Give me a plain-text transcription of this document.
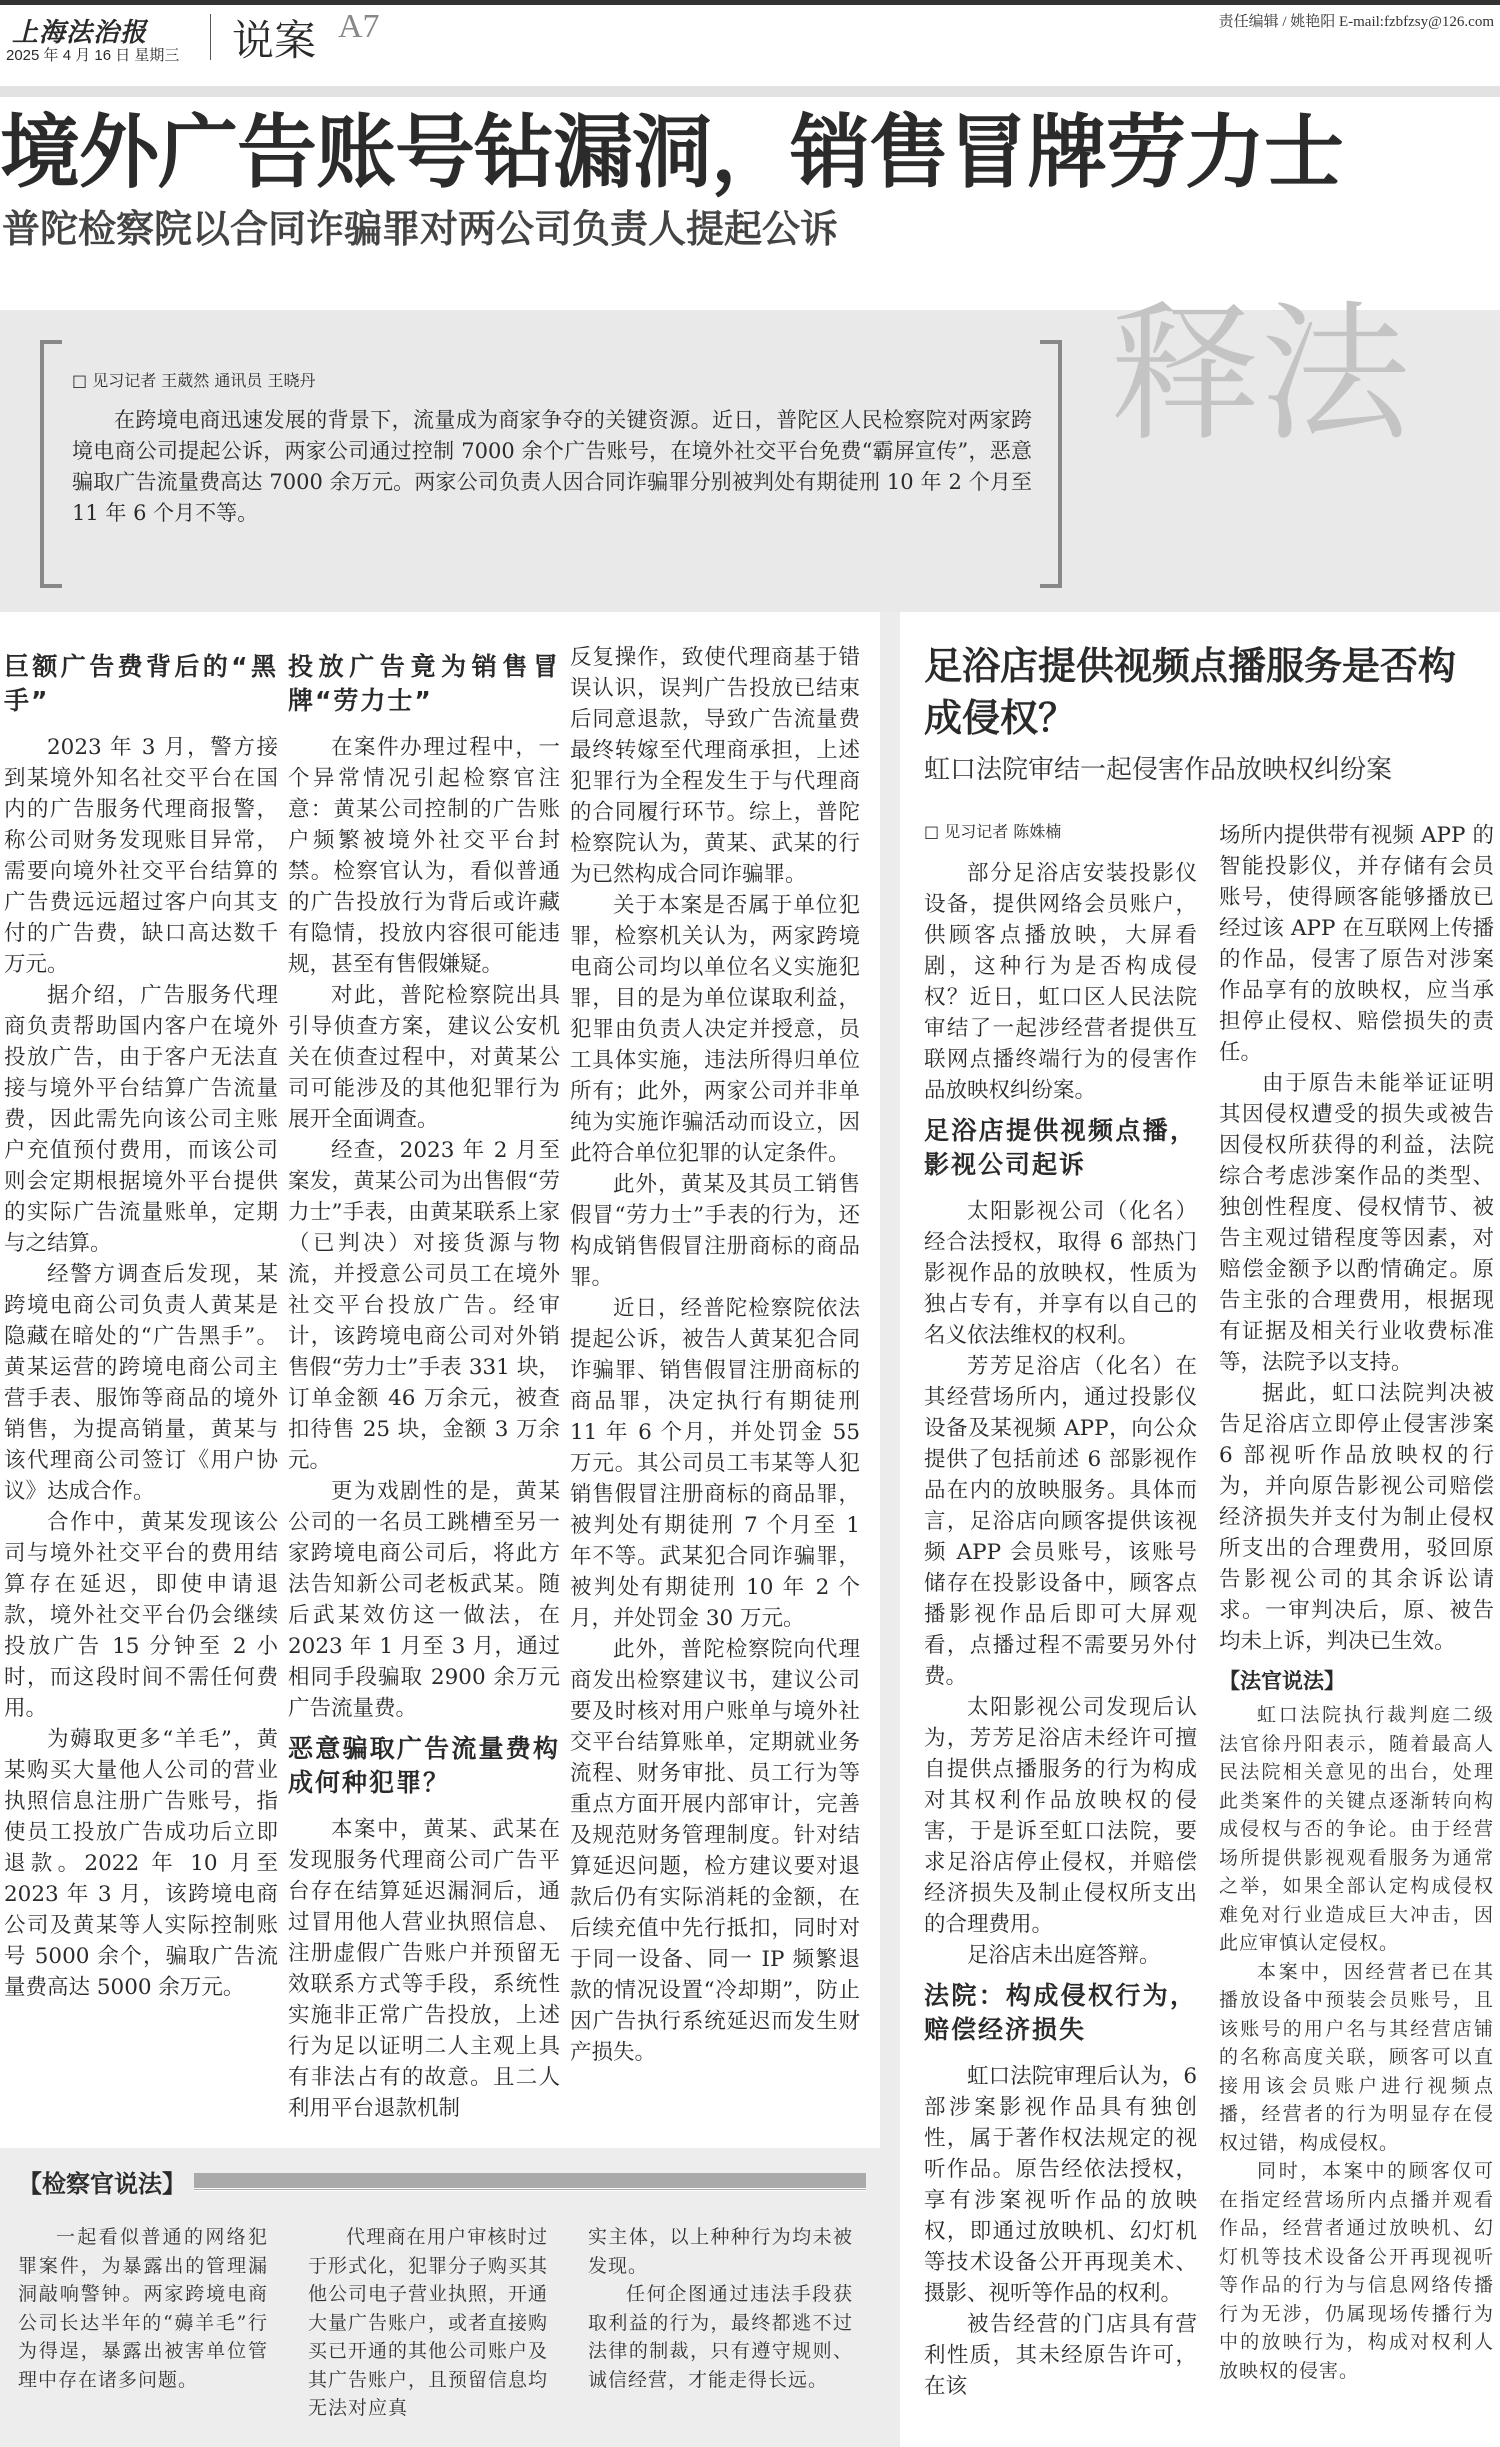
上海法治报
2025 年 4 月 16 日 星期三 说案 A7	责任编辑 / 姚艳阳 E-mail:fzbfzsy@126.com
境外广告账号钻漏洞，销售冒牌劳力士
普陀检察院以合同诈骗罪对两公司负责人提起公诉
释法
□ 见习记者 王葳然 通讯员 王晓丹

在跨境电商迅速发展的背景下，流量成为商家争夺的关键资源。近日，普陀区人民检察院对两家跨境电商公司提起公诉，两家公司通过控制 7000 余个广告账号，在境外社交平台免费“霸屏宣传”，恶意骗取广告流量费高达 7000 余万元。两家公司负责人因合同诈骗罪分别被判处有期徒刑 10 年 2 个月至 11 年 6 个月不等。

巨额广告费背后的“黑手”

2023 年 3 月，警方接到某境外知名社交平台在国内的广告服务代理商报警，称公司财务发现账目异常，需要向境外社交平台结算的广告费远远超过客户向其支付的广告费，缺口高达数千万元。

据介绍，广告服务代理商负责帮助国内客户在境外投放广告，由于客户无法直接与境外平台结算广告流量费，因此需先向该公司主账户充值预付费用，而该公司则会定期根据境外平台提供的实际广告流量账单，定期与之结算。

经警方调查后发现，某跨境电商公司负责人黄某是隐藏在暗处的“广告黑手”。黄某运营的跨境电商公司主营手表、服饰等商品的境外销售，为提高销量，黄某与该代理商公司签订《用户协议》达成合作。

合作中，黄某发现该公司与境外社交平台的费用结算存在延迟，即使申请退款，境外社交平台仍会继续投放广告 15 分钟至 2 小时，而这段时间不需任何费用。

为薅取更多“羊毛”，黄某购买大量他人公司的营业执照信息注册广告账号，指使员工投放广告成功后立即退款。2022 年 10 月至 2023 年 3 月，该跨境电商公司及黄某等人实际控制账号 5000 余个，骗取广告流量费高达 5000 余万元。

投放广告竟为销售冒牌“劳力士”

在案件办理过程中，一个异常情况引起检察官注意：黄某公司控制的广告账户频繁被境外社交平台封禁。检察官认为，看似普通的广告投放行为背后或许藏有隐情，投放内容很可能违规，甚至有售假嫌疑。

对此，普陀检察院出具引导侦查方案，建议公安机关在侦查过程中，对黄某公司可能涉及的其他犯罪行为展开全面调查。

经查，2023 年 2 月至案发，黄某公司为出售假“劳力士”手表，由黄某联系上家（已判决）对接货源与物流，并授意公司员工在境外社交平台投放广告。经审计，该跨境电商公司对外销售假“劳力士”手表 331 块，订单金额 46 万余元，被查扣待售 25 块，金额 3 万余元。

更为戏剧性的是，黄某公司的一名员工跳槽至另一家跨境电商公司后，将此方法告知新公司老板武某。随后武某效仿这一做法，在 2023 年 1 月至 3 月，通过相同手段骗取 2900 余万元广告流量费。

恶意骗取广告流量费构成何种犯罪？

本案中，黄某、武某在发现服务代理商公司广告平台存在结算延迟漏洞后，通过冒用他人营业执照信息、注册虚假广告账户并预留无效联系方式等手段，系统性实施非正常广告投放，上述行为足以证明二人主观上具有非法占有的故意。且二人利用平台退款机制

反复操作，致使代理商基于错误认识，误判广告投放已结束后同意退款，导致广告流量费最终转嫁至代理商承担，上述犯罪行为全程发生于与代理商的合同履行环节。综上，普陀检察院认为，黄某、武某的行为已然构成合同诈骗罪。

关于本案是否属于单位犯罪，检察机关认为，两家跨境电商公司均以单位名义实施犯罪，目的是为单位谋取利益，犯罪由负责人决定并授意，员工具体实施，违法所得归单位所有；此外，两家公司并非单纯为实施诈骗活动而设立，因此符合单位犯罪的认定条件。

此外，黄某及其员工销售假冒“劳力士”手表的行为，还构成销售假冒注册商标的商品罪。

近日，经普陀检察院依法提起公诉，被告人黄某犯合同诈骗罪、销售假冒注册商标的商品罪，决定执行有期徒刑 11 年 6 个月，并处罚金 55 万元。其公司员工韦某等人犯销售假冒注册商标的商品罪，被判处有期徒刑 7 个月至 1 年不等。武某犯合同诈骗罪，被判处有期徒刑 10 年 2 个月，并处罚金 30 万元。

此外，普陀检察院向代理商发出检察建议书，建议公司要及时核对用户账单与境外社交平台结算账单，定期就业务流程、财务审批、员工行为等重点方面开展内部审计，完善及规范财务管理制度。针对结算延迟问题，检方建议要对退款后仍有实际消耗的金额，在后续充值中先行抵扣，同时对于同一设备、同一 IP 频繁退款的情况设置“冷却期”，防止因广告执行系统延迟而发生财产损失。

【检察官说法】

一起看似普通的网络犯罪案件，为暴露出的管理漏洞敲响警钟。两家跨境电商公司长达半年的“薅羊毛”行为得逞，暴露出被害单位管理中存在诸多问题。

代理商在用户审核时过于形式化，犯罪分子购买其他公司电子营业执照，开通大量广告账户，或者直接购买已开通的其他公司账户及其广告账户，且预留信息均无法对应真

实主体，以上种种行为均未被发现。

任何企图通过违法手段获取利益的行为，最终都逃不过法律的制裁，只有遵守规则、诚信经营，才能走得长远。

足浴店提供视频点播服务是否构成侵权？
虹口法院审结一起侵害作品放映权纠纷案
□ 见习记者 陈姝楠

部分足浴店安装投影仪设备，提供网络会员账户，供顾客点播放映，大屏看剧，这种行为是否构成侵权？近日，虹口区人民法院审结了一起涉经营者提供互联网点播终端行为的侵害作品放映权纠纷案。

足浴店提供视频点播，影视公司起诉

太阳影视公司（化名）经合法授权，取得 6 部热门影视作品的放映权，性质为独占专有，并享有以自己的名义依法维权的权利。

芳芳足浴店（化名）在其经营场所内，通过投影仪设备及某视频 APP，向公众提供了包括前述 6 部影视作品在内的放映服务。具体而言，足浴店向顾客提供该视频 APP 会员账号，该账号储存在投影设备中，顾客点播影视作品后即可大屏观看，点播过程不需要另外付费。

太阳影视公司发现后认为，芳芳足浴店未经许可擅自提供点播服务的行为构成对其权利作品放映权的侵害，于是诉至虹口法院，要求足浴店停止侵权，并赔偿经济损失及制止侵权所支出的合理费用。

足浴店未出庭答辩。

法院：构成侵权行为，赔偿经济损失

虹口法院审理后认为，6 部涉案影视作品具有独创性，属于著作权法规定的视听作品。原告经依法授权，享有涉案视听作品的放映权，即通过放映机、幻灯机等技术设备公开再现美术、摄影、视听等作品的权利。

被告经营的门店具有营利性质，其未经原告许可，在该

场所内提供带有视频 APP 的智能投影仪，并存储有会员账号，使得顾客能够播放已经过该 APP 在互联网上传播的作品，侵害了原告对涉案作品享有的放映权，应当承担停止侵权、赔偿损失的责任。

由于原告未能举证证明其因侵权遭受的损失或被告因侵权所获得的利益，法院综合考虑涉案作品的类型、独创性程度、侵权情节、被告主观过错程度等因素，对赔偿金额予以酌情确定。原告主张的合理费用，根据现有证据及相关行业收费标准等，法院予以支持。

据此，虹口法院判决被告足浴店立即停止侵害涉案 6 部视听作品放映权的行为，并向原告影视公司赔偿经济损失并支付为制止侵权所支出的合理费用，驳回原告影视公司的其余诉讼请求。一审判决后，原、被告均未上诉，判决已生效。

【法官说法】

虹口法院执行裁判庭二级法官徐丹阳表示，随着最高人民法院相关意见的出台，处理此类案件的关键点逐渐转向构成侵权与否的争论。由于经营场所提供影视观看服务为通常之举，如果全部认定构成侵权难免对行业造成巨大冲击，因此应审慎认定侵权。

本案中，因经营者已在其播放设备中预装会员账号，且该账号的用户名与其经营店铺的名称高度关联，顾客可以直接用该会员账户进行视频点播，经营者的行为明显存在侵权过错，构成侵权。

同时，本案中的顾客仅可在指定经营场所内点播并观看作品，经营者通过放映机、幻灯机等技术设备公开再现视听等作品的行为与信息网络传播行为无涉，仍属现场传播行为中的放映行为，构成对权利人放映权的侵害。
